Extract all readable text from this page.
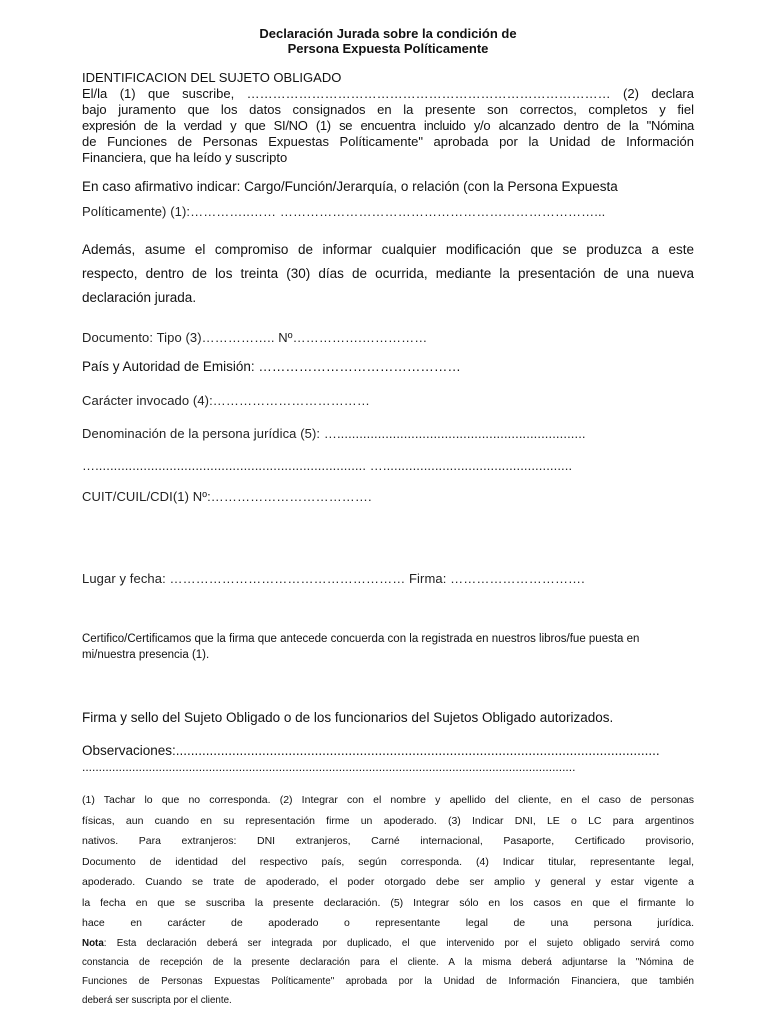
Declaración Jurada sobre la condición de
Persona Expuesta Políticamente
IDENTIFICACION DEL SUJETO OBLIGADO
El/la (1) que suscribe, ………………………………………………………………………… (2) declara
bajo juramento que los datos consignados en la presente son correctos, completos y fiel
expresión de la verdad y que SI/NO (1) se encuentra incluido y/o alcanzado dentro de la "Nómina
de Funciones de Personas Expuestas Políticamente" aprobada por la Unidad de Información
Financiera, que ha leído y suscripto
En caso afirmativo indicar: Cargo/Función/Jerarquía, o relación (con la Persona Expuesta
Políticamente) (1):…………..…… ………………………………………………………………...
Además, asume el compromiso de informar cualquier modificación que se produzca a este
respecto, dentro de los treinta (30) días de ocurrida, mediante la presentación de una nueva
declaración jurada.
Documento: Tipo (3)…………….. Nº…………….……………
País y Autoridad de Emisión: ………………………………………
Carácter invocado (4):………………………………
Denominación de la persona jurídica (5): …...................................................................
…......................................................................... …...................................................
CUIT/CUIL/CDI(1) Nº:……………………………….
Lugar y fecha: ……………………………………………… Firma: ………………………….
Certifico/Certificamos que la firma que antecede concuerda con la registrada en nuestros libros/fue puesta en mi/nuestra presencia (1).
Firma y sello del Sujeto Obligado o de los funcionarios del Sujetos Obligado autorizados.
Observaciones:.................................................................................................................................
....................................................................................................................................................
(1) Tachar lo que no corresponda. (2) Integrar con el nombre y apellido del cliente, en el caso de personas
físicas, aun cuando en su representación firme un apoderado. (3) Indicar DNI, LE o LC para argentinos
nativos. Para extranjeros: DNI extranjeros, Carné internacional, Pasaporte, Certificado provisorio,
Documento de identidad del respectivo país, según corresponda. (4) Indicar titular, representante legal,
apoderado. Cuando se trate de apoderado, el poder otorgado debe ser amplio y general y estar vigente a
la fecha en que se suscriba la presente declaración. (5) Integrar sólo en los casos en que el firmante lo
hace en carácter de apoderado o representante legal de una persona jurídica.
Nota: Esta declaración deberá ser integrada por duplicado, el que intervenido por el sujeto obligado servirá como
constancia de recepción de la presente declaración para el cliente. A la misma deberá adjuntarse la "Nómina de
Funciones de Personas Expuestas Políticamente" aprobada por la Unidad de Información Financiera, que también
deberá ser suscripta por el cliente.
